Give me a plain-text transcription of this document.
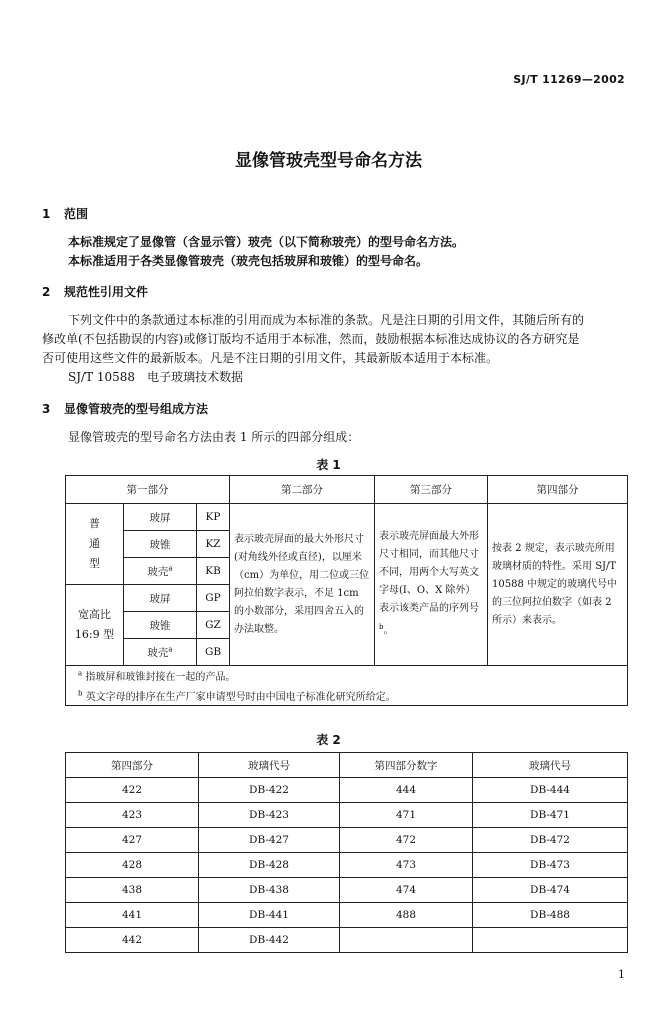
SJ/T 11269—2002
显像管玻壳型号命名方法
1 范围
本标准规定了显像管（含显示管）玻壳（以下简称玻壳）的型号命名方法。
本标准适用于各类显像管玻壳（玻壳包括玻屏和玻锥）的型号命名。
2 规范性引用文件
下列文件中的条款通过本标准的引用而成为本标准的条款。凡是注日期的引用文件，其随后所有的
修改单(不包括勘误的内容)或修订版均不适用于本标准，然而，鼓励根据本标准达成协议的各方研究是
否可使用这些文件的最新版本。凡是不注日期的引用文件，其最新版本适用于本标准。
SJ/T 10588　电子玻璃技术数据
3 显像管玻壳的型号组成方法
显像管玻壳的型号命名方法由表 1 所示的四部分组成：
表 1
第一部分			第二部分	第三部分	第四部分
普
通
型	玻屏	KP	表示玻壳屏面的最大外形尺寸(对角线外径或直径)，以厘米（cm）为单位，用二位或三位阿拉伯数字表示，不足 1cm 的小数部分，采用四舍五入的办法取整。	表示玻壳屏面最大外形尺寸相同，而其他尺寸不同，用两个大写英文字母(I、O、X 除外）表示该类产品的序列号$^b$。	按表 2 规定，表示玻壳所用玻璃材质的特性。采用 SJ/T 10588 中规定的玻璃代号中的三位阿拉伯数字（如表 2 所示）来表示。
	玻锥	KZ			
	玻壳$^a$	KB			
宽高比
16:9 型	玻屏	GP			
	玻锥	GZ			
	玻壳$^a$	GB			
$^a$ 指玻屏和玻锥封接在一起的产品。					
$^b$ 英文字母的排序在生产厂家申请型号时由中国电子标准化研究所给定。					
表 2
第四部分	玻璃代号	第四部分数字	玻璃代号
422	DB-422	444	DB-444
423	DB-423	471	DB-471
427	DB-427	472	DB-472
428	DB-428	473	DB-473
438	DB-438	474	DB-474
441	DB-441	488	DB-488
442	DB-442		
1
